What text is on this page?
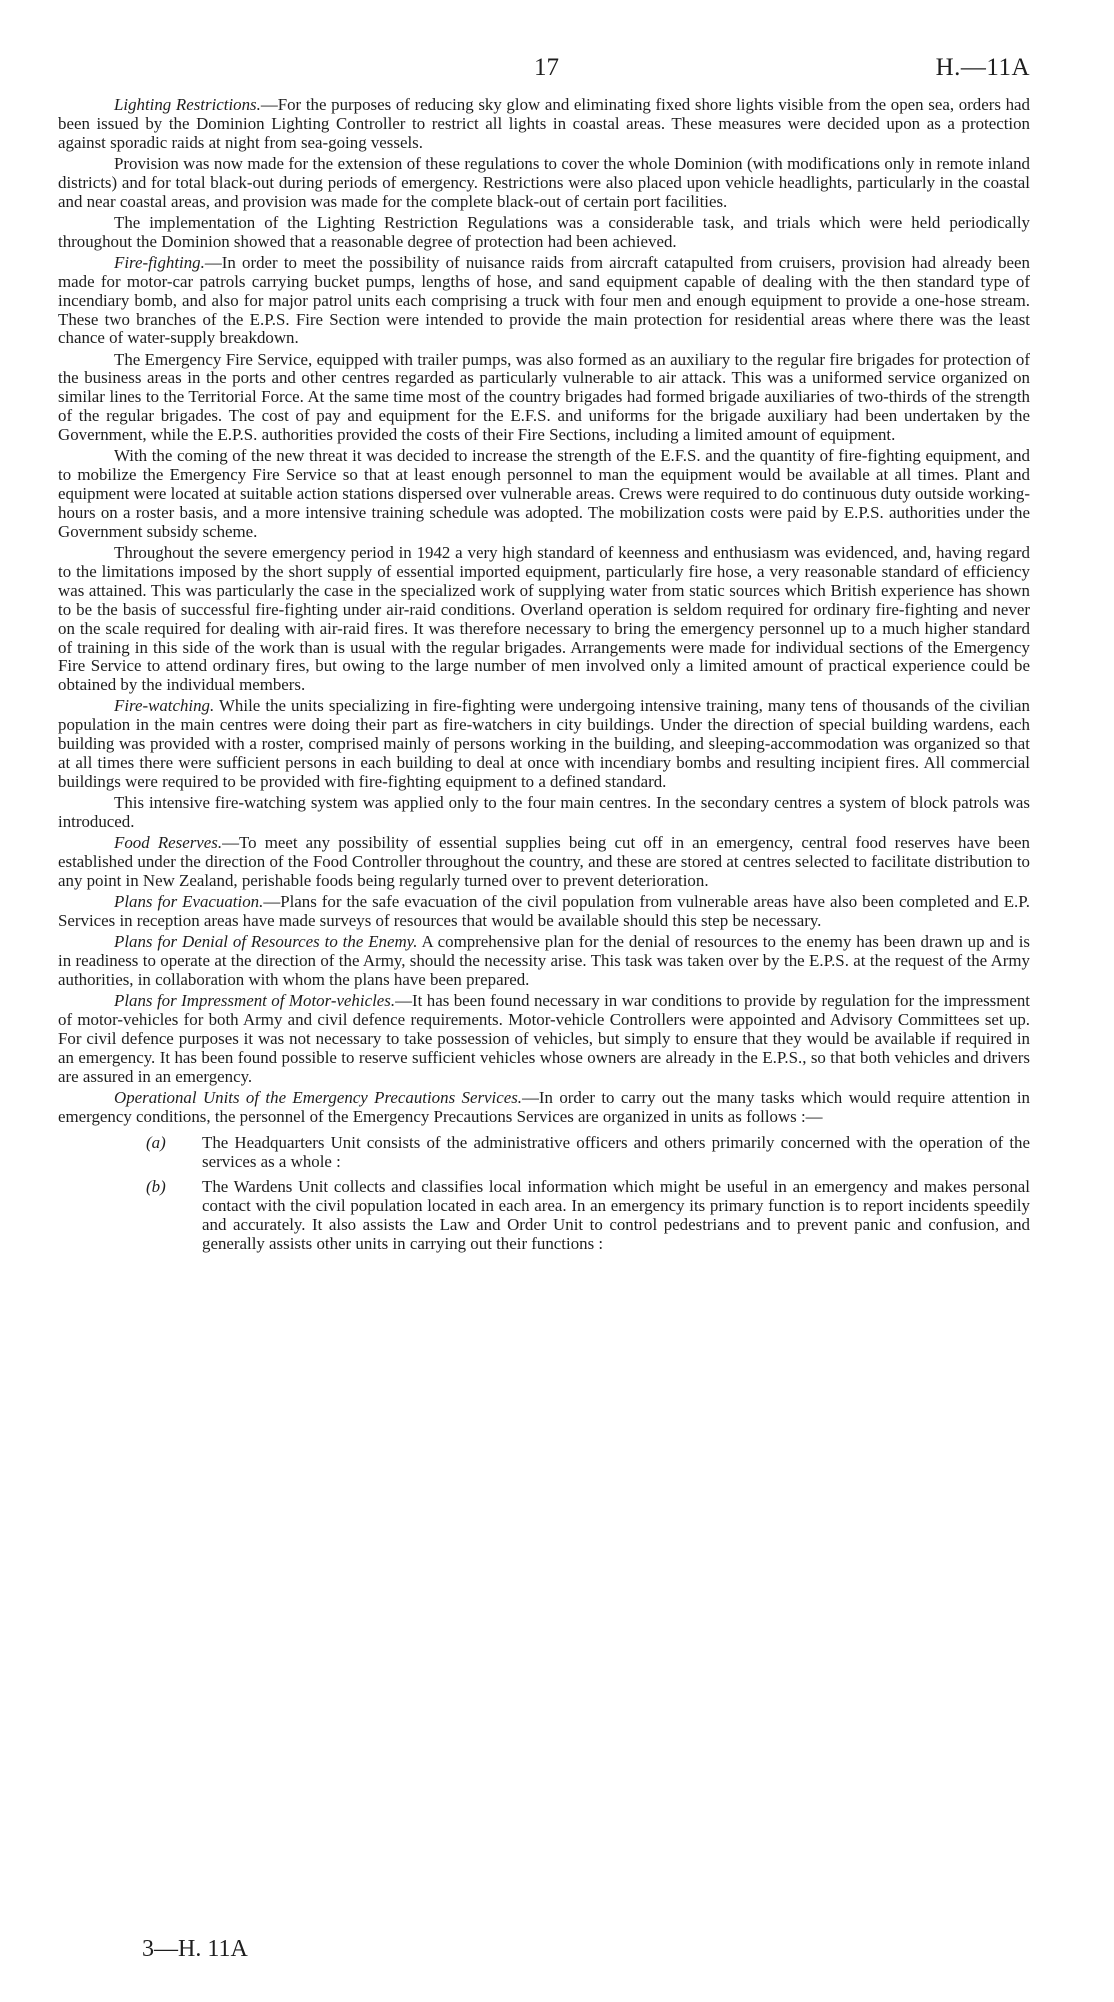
17	H.—11A

Lighting Restrictions.—For the purposes of reducing sky glow and eliminating fixed shore lights visible from the open sea, orders had been issued by the Dominion Lighting Controller to restrict all lights in coastal areas. These measures were decided upon as a protection against sporadic raids at night from sea-going vessels.

Provision was now made for the extension of these regulations to cover the whole Dominion (with modifications only in remote inland districts) and for total black-out during periods of emergency. Restrictions were also placed upon vehicle headlights, particularly in the coastal and near coastal areas, and provision was made for the complete black-out of certain port facilities.

The implementation of the Lighting Restriction Regulations was a considerable task, and trials which were held periodically throughout the Dominion showed that a reasonable degree of protection had been achieved.

Fire-fighting.—In order to meet the possibility of nuisance raids from aircraft catapulted from cruisers, provision had already been made for motor-car patrols carrying bucket pumps, lengths of hose, and sand equipment capable of dealing with the then standard type of incendiary bomb, and also for major patrol units each comprising a truck with four men and enough equipment to provide a one-hose stream. These two branches of the E.P.S. Fire Section were intended to provide the main protection for residential areas where there was the least chance of water-supply breakdown.

The Emergency Fire Service, equipped with trailer pumps, was also formed as an auxiliary to the regular fire brigades for protection of the business areas in the ports and other centres regarded as particularly vulnerable to air attack. This was a uniformed service organized on similar lines to the Territorial Force. At the same time most of the country brigades had formed brigade auxiliaries of two-thirds of the strength of the regular brigades. The cost of pay and equipment for the E.F.S. and uniforms for the brigade auxiliary had been undertaken by the Government, while the E.P.S. authorities provided the costs of their Fire Sections, including a limited amount of equipment.

With the coming of the new threat it was decided to increase the strength of the E.F.S. and the quantity of fire-fighting equipment, and to mobilize the Emergency Fire Service so that at least enough personnel to man the equipment would be available at all times. Plant and equipment were located at suitable action stations dispersed over vulnerable areas. Crews were required to do continuous duty outside working-hours on a roster basis, and a more intensive training schedule was adopted. The mobilization costs were paid by E.P.S. authorities under the Government subsidy scheme.

Throughout the severe emergency period in 1942 a very high standard of keenness and enthusiasm was evidenced, and, having regard to the limitations imposed by the short supply of essential imported equipment, particularly fire hose, a very reasonable standard of efficiency was attained. This was particularly the case in the specialized work of supplying water from static sources which British experience has shown to be the basis of successful fire-fighting under air-raid conditions. Overland operation is seldom required for ordinary fire-fighting and never on the scale required for dealing with air-raid fires. It was therefore necessary to bring the emergency personnel up to a much higher standard of training in this side of the work than is usual with the regular brigades. Arrangements were made for individual sections of the Emergency Fire Service to attend ordinary fires, but owing to the large number of men involved only a limited amount of practical experience could be obtained by the individual members.

Fire-watching. While the units specializing in fire-fighting were undergoing intensive training, many tens of thousands of the civilian population in the main centres were doing their part as fire-watchers in city buildings. Under the direction of special building wardens, each building was provided with a roster, comprised mainly of persons working in the building, and sleeping-accommodation was organized so that at all times there were sufficient persons in each building to deal at once with incendiary bombs and resulting incipient fires. All commercial buildings were required to be provided with fire-fighting equipment to a defined standard.

This intensive fire-watching system was applied only to the four main centres. In the secondary centres a system of block patrols was introduced.

Food Reserves.—To meet any possibility of essential supplies being cut off in an emergency, central food reserves have been established under the direction of the Food Controller throughout the country, and these are stored at centres selected to facilitate distribution to any point in New Zealand, perishable foods being regularly turned over to prevent deterioration.

Plans for Evacuation.—Plans for the safe evacuation of the civil population from vulnerable areas have also been completed and E.P. Services in reception areas have made surveys of resources that would be available should this step be necessary.

Plans for Denial of Resources to the Enemy. A comprehensive plan for the denial of resources to the enemy has been drawn up and is in readiness to operate at the direction of the Army, should the necessity arise. This task was taken over by the E.P.S. at the request of the Army authorities, in collaboration with whom the plans have been prepared.

Plans for Impressment of Motor-vehicles.—It has been found necessary in war conditions to provide by regulation for the impressment of motor-vehicles for both Army and civil defence requirements. Motor-vehicle Controllers were appointed and Advisory Committees set up. For civil defence purposes it was not necessary to take possession of vehicles, but simply to ensure that they would be available if required in an emergency. It has been found possible to reserve sufficient vehicles whose owners are already in the E.P.S., so that both vehicles and drivers are assured in an emergency.

Operational Units of the Emergency Precautions Services.—In order to carry out the many tasks which would require attention in emergency conditions, the personnel of the Emergency Precautions Services are organized in units as follows :—

(a)	The Headquarters Unit consists of the administrative officers and others primarily concerned with the operation of the services as a whole :
(b)	The Wardens Unit collects and classifies local information which might be useful in an emergency and makes personal contact with the civil population located in each area. In an emergency its primary function is to report incidents speedily and accurately. It also assists the Law and Order Unit to control pedestrians and to prevent panic and confusion, and generally assists other units in carrying out their functions :
3—H. 11A
